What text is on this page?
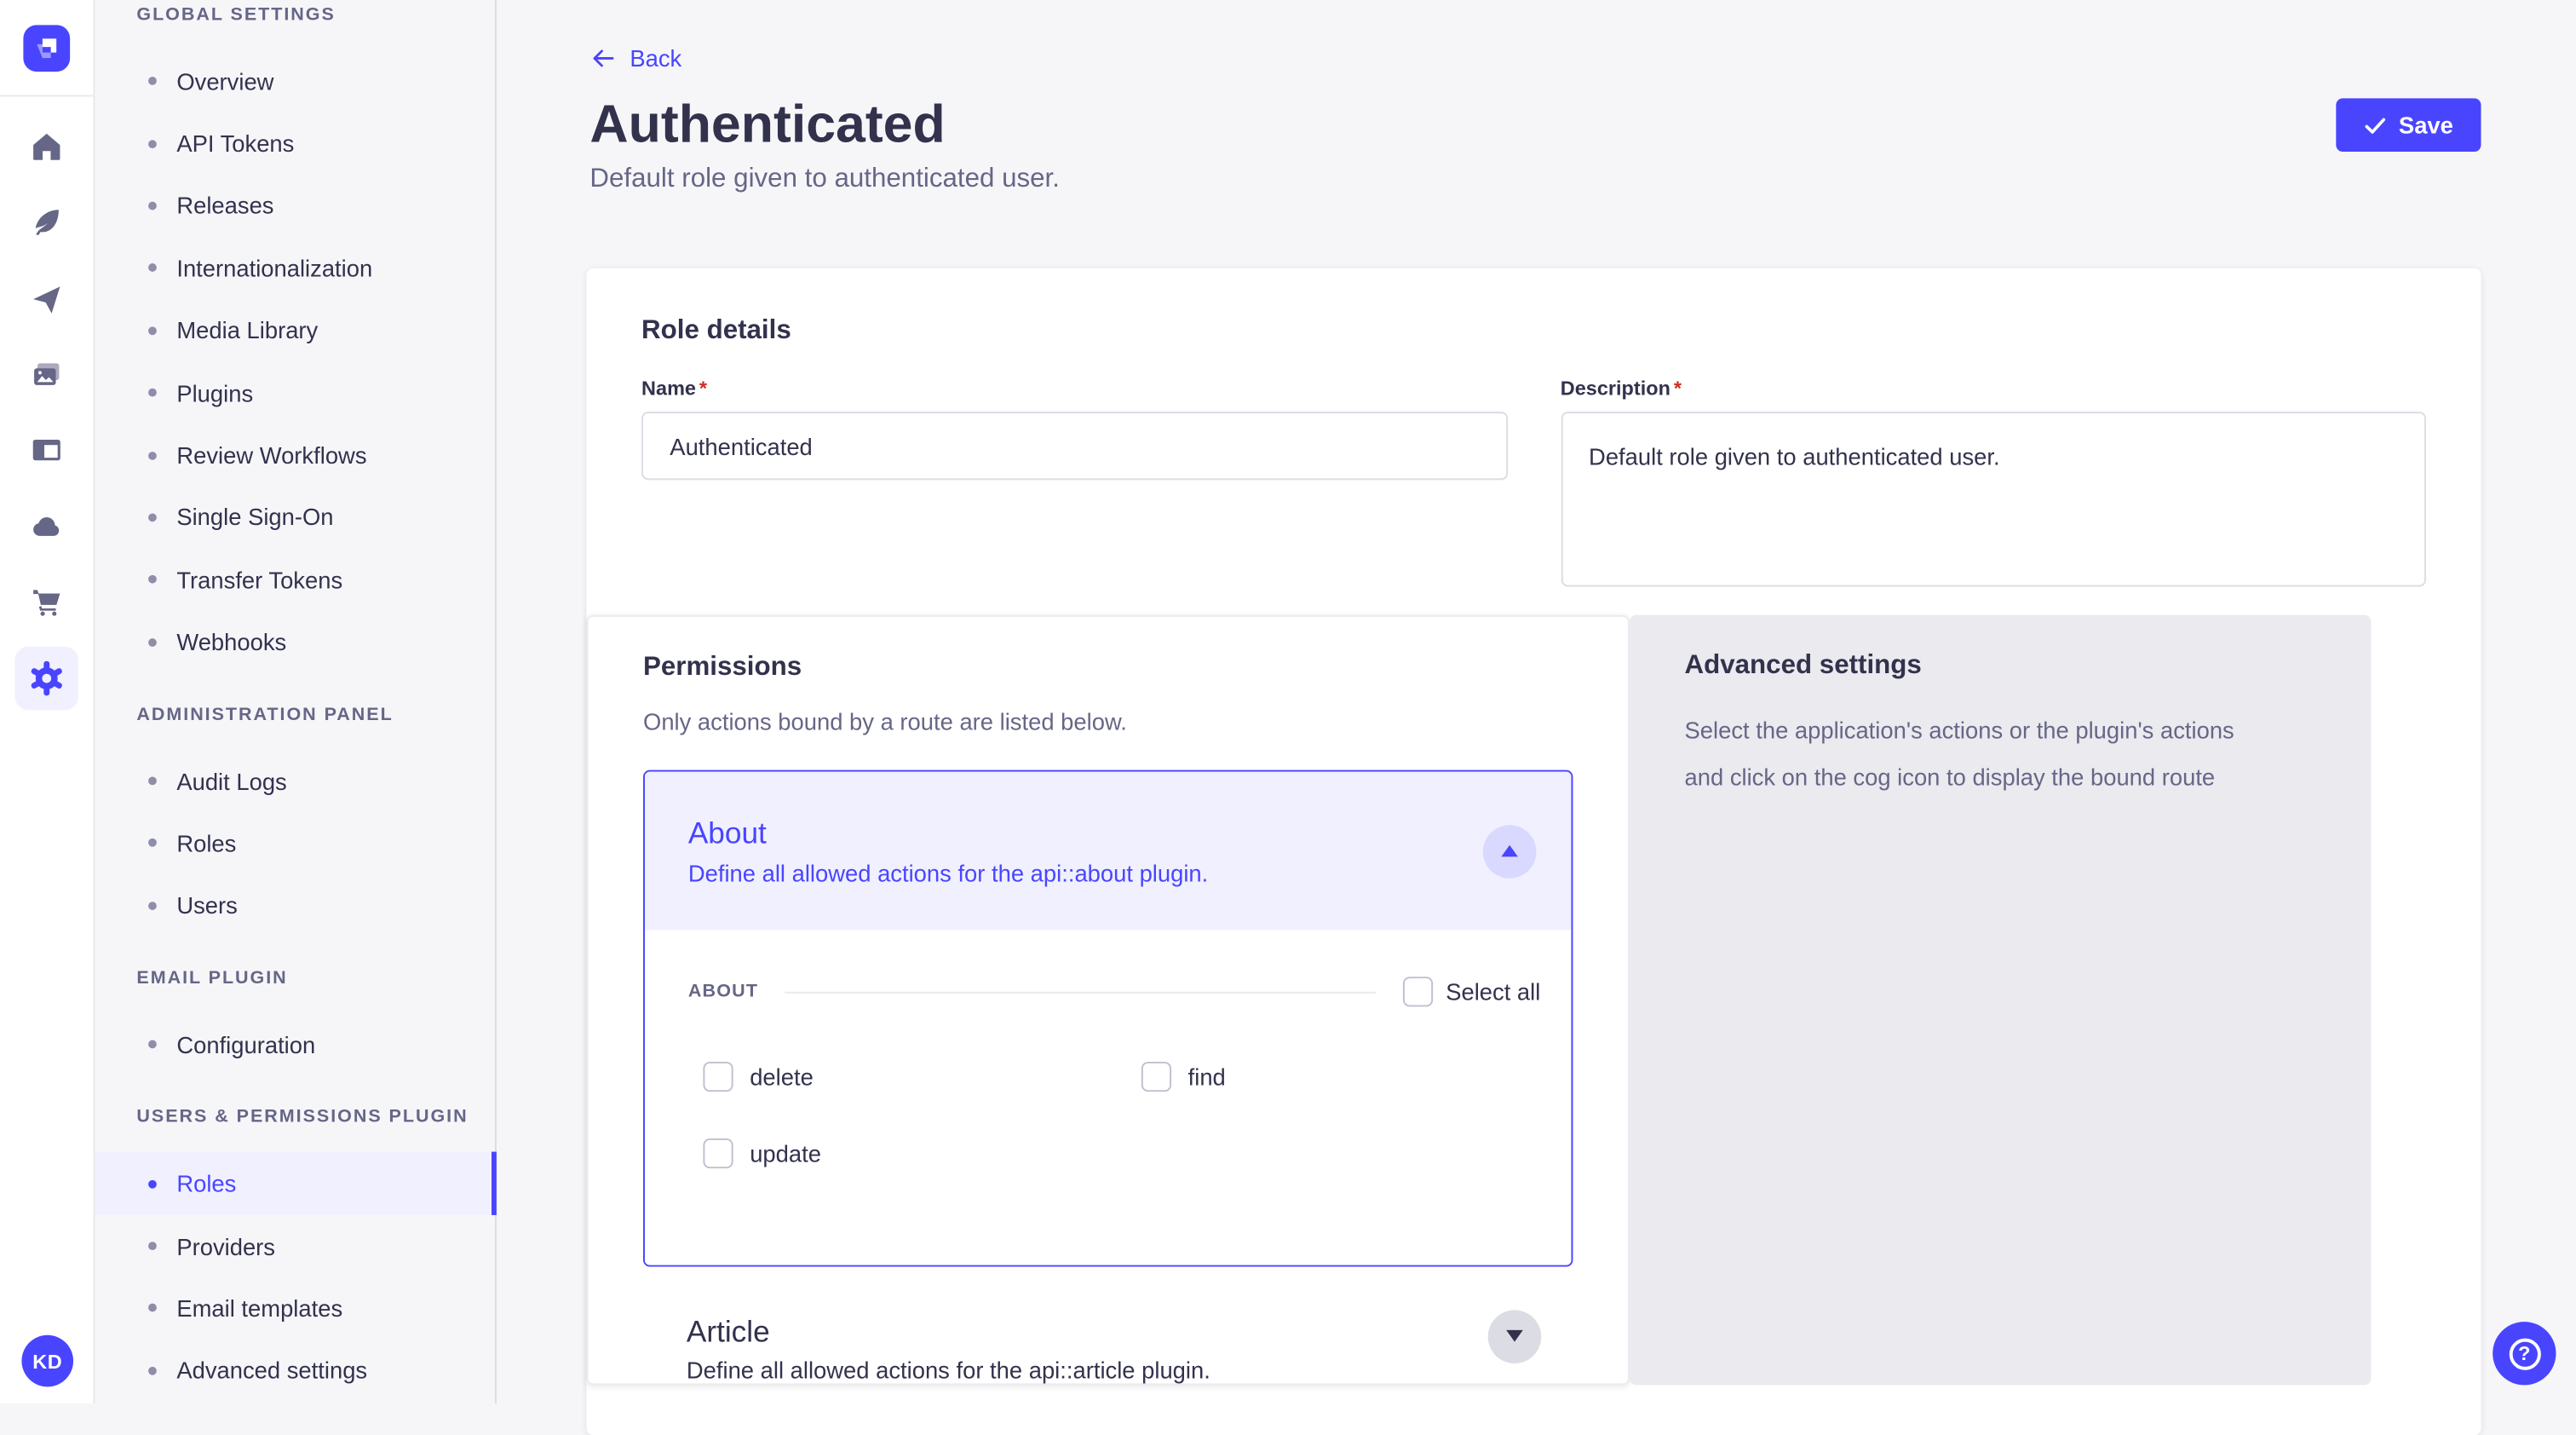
KD
GLOBAL SETTINGS
Overview
API Tokens
Releases
Internationalization
Media Library
Plugins
Review Workflows
Single Sign-On
Transfer Tokens
Webhooks
ADMINISTRATION PANEL
Audit Logs
Roles
Users
EMAIL PLUGIN
Configuration
USERS & PERMISSIONS PLUGIN
Roles
Providers
Email templates
Advanced settings
Back
Authenticated

Default role given to authenticated user.

Save
Role details
Name *
Authenticated	Description *
Default role given to authenticated user.
Permissions

Only actions bound by a route are listed below.

About

Define all allowed actions for the api::about plugin.

ABOUT	Select all
delete	find
update
Article

Define all allowed actions for the api::article plugin.

Advanced settings
Select the application's actions or the plugin's actions
and click on the cog icon to display the bound route
?
